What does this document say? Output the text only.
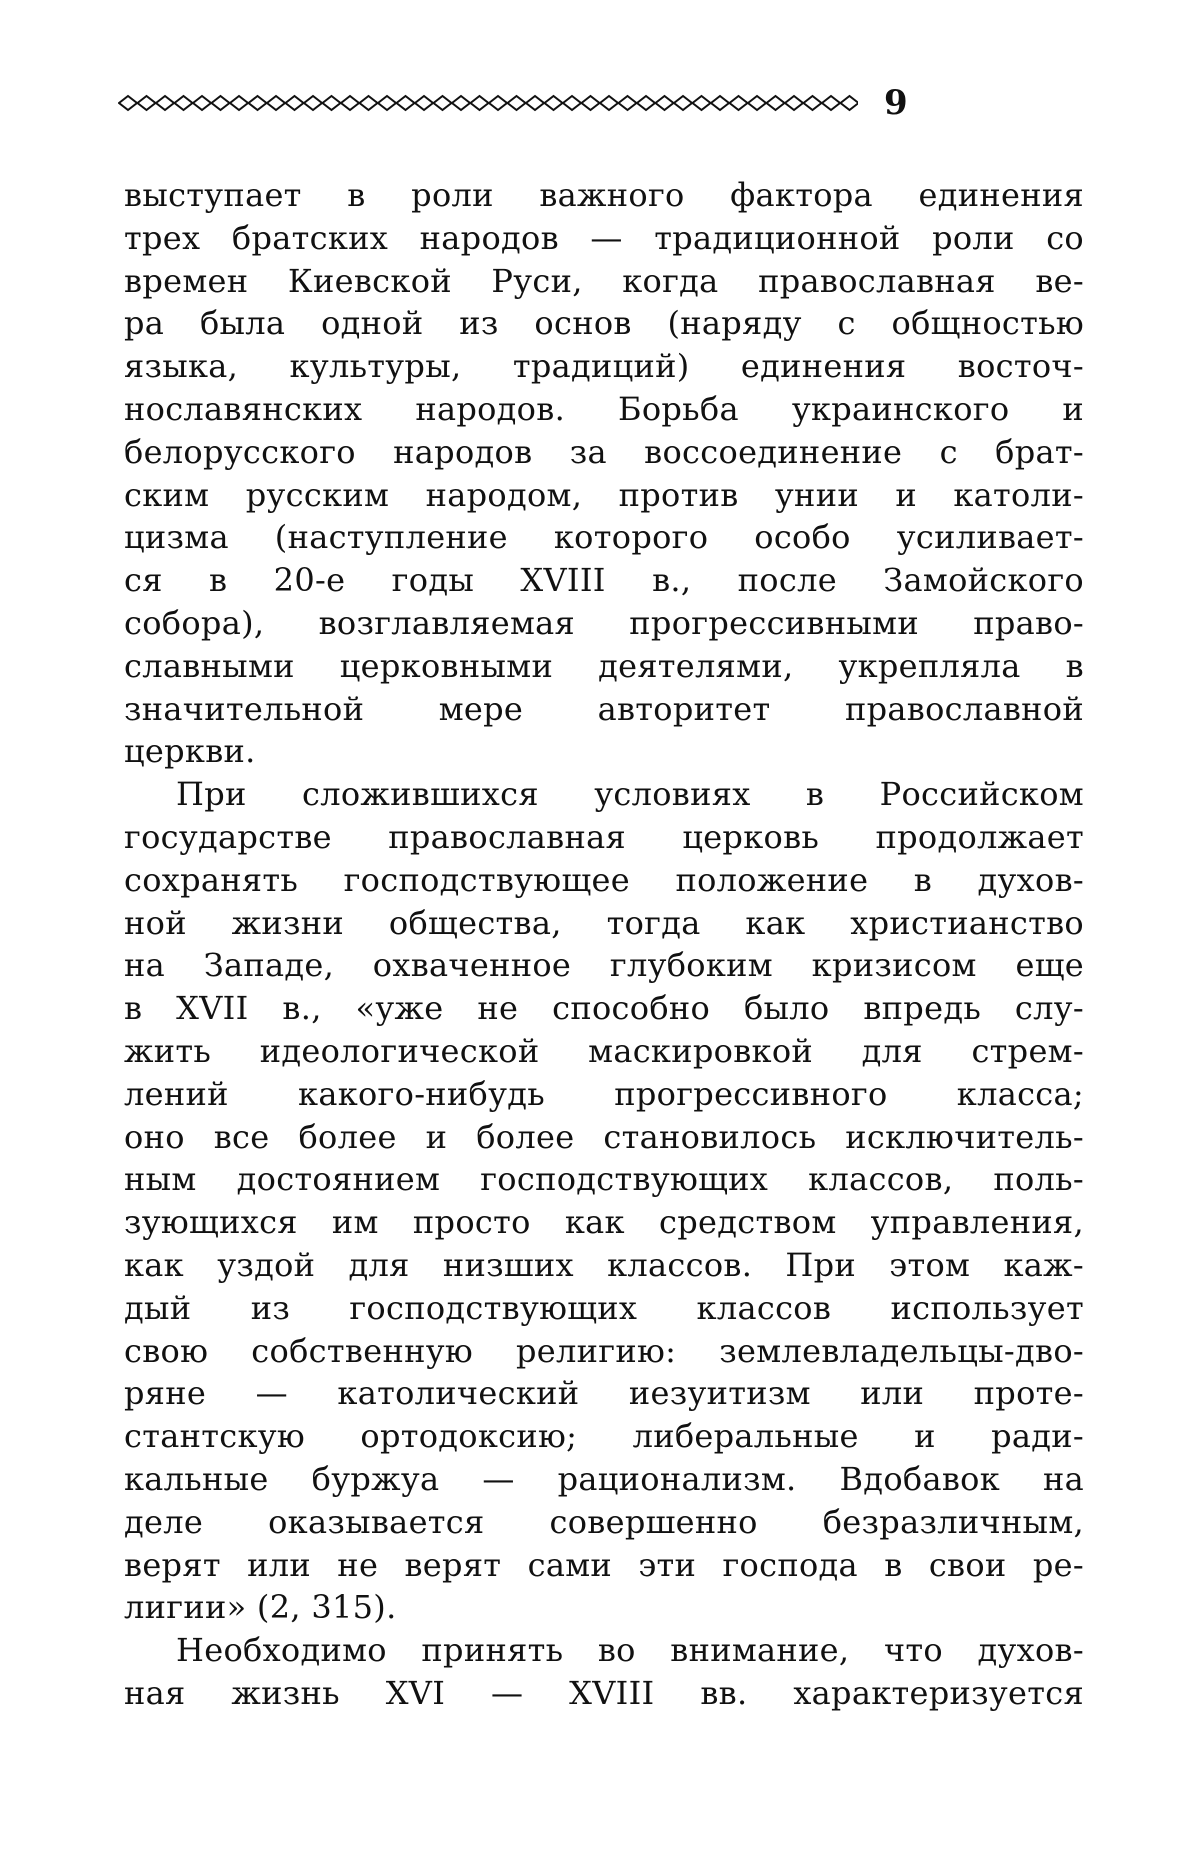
9

выступает в роли важного фактора единения
трех братских народов — традиционной роли со
времен Киевской Руси, когда православная ве-
ра была одной из основ (наряду с общностью
языка, культуры, традиций) единения восточ-
нославянских народов. Борьба украинского и
белорусского народов за воссоединение с брат-
ским русским народом, против унии и католи-
цизма (наступление которого особо усиливает-
ся в 20-е годы XVIII в., после Замойского
собора), возглавляемая прогрессивными право-
славными церковными деятелями, укрепляла в
значительной мере авторитет православной
церкви.

При сложившихся условиях в Российском
государстве православная церковь продолжает
сохранять господствующее положение в духов-
ной жизни общества, тогда как христианство
на Западе, охваченное глубоким кризисом еще
в XVII в., «уже не способно было впредь слу-
жить идеологической маскировкой для стрем-
лений какого-нибудь прогрессивного класса;
оно все более и более становилось исключитель-
ным достоянием господствующих классов, поль-
зующихся им просто как средством управления,
как уздой для низших классов. При этом каж-
дый из господствующих классов использует
свою собственную религию: землевладельцы-дво-
ряне — католический иезуитизм или проте-
стантскую ортодоксию; либеральные и ради-
кальные буржуа — рационализм. Вдобавок на
деле оказывается совершенно безразличным,
верят или не верят сами эти господа в свои ре-
лигии» (2, 315).

Необходимо принять во внимание, что духов-
ная жизнь XVI — XVIII вв. характеризуется
